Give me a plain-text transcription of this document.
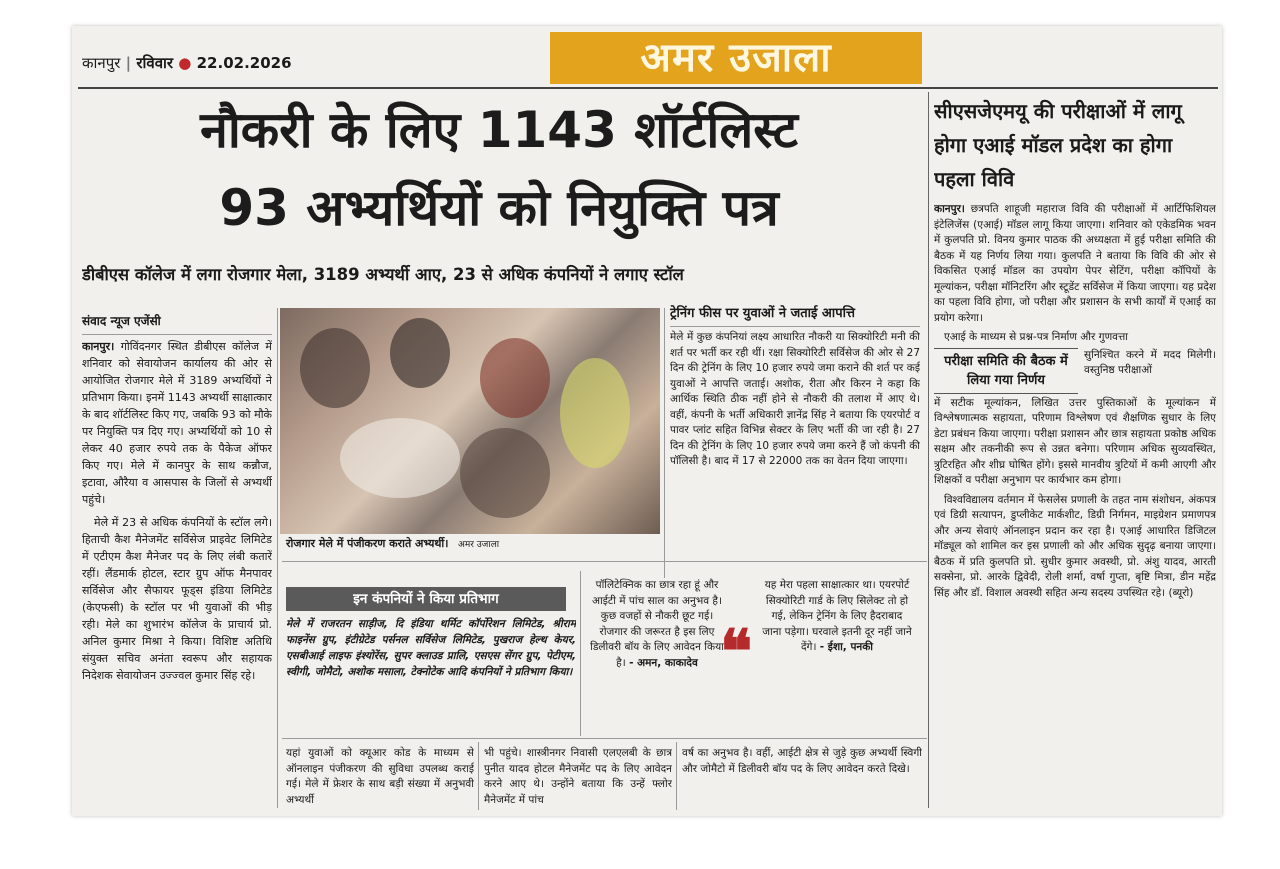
कानपुर | रविवार ● 22.02.2026	अमर उजाला
नौकरी के लिए 1143 शॉर्टलिस्ट
93 अभ्यर्थियों को नियुक्ति पत्र
डीबीएस कॉलेज में लगा रोजगार मेला, 3189 अभ्यर्थी आए, 23 से अधिक कंपनियों ने लगाए स्टॉल
संवाद न्यूज एजेंसी

कानपुर। गोविंदनगर स्थित डीबीएस कॉलेज में शनिवार को सेवायोजन कार्यालय की ओर से आयोजित रोजगार मेले में 3189 अभ्यर्थियों ने प्रतिभाग किया। इनमें 1143 अभ्यर्थी साक्षात्कार के बाद शॉर्टलिस्ट किए गए, जबकि 93 को मौके पर नियुक्ति पत्र दिए गए। अभ्यर्थियों को 10 से लेकर 40 हजार रुपये तक के पैकेज ऑफर किए गए। मेले में कानपुर के साथ कन्नौज, इटावा, औरैया व आसपास के जिलों से अभ्यर्थी पहुंचे।

मेले में 23 से अधिक कंपनियों के स्टॉल लगे। हिताची कैश मैनेजमेंट सर्विसेज प्राइवेट लिमिटेड में एटीएम कैश मैनेजर पद के लिए लंबी कतारें रहीं। लैंडमार्क होटल, स्टार ग्रुप ऑफ मैनपावर सर्विसेज और सैफायर फूड्स इंडिया लिमिटेड (केएफसी) के स्टॉल पर भी युवाओं की भीड़ रही। मेले का शुभारंभ कॉलेज के प्राचार्य प्रो. अनिल कुमार मिश्रा ने किया। विशिष्ट अतिथि संयुक्त सचिव अनंता स्वरूप और सहायक निदेशक सेवायोजन उज्ज्वल कुमार सिंह रहे।

रोजगार मेले में पंजीकरण कराते अभ्यर्थी। अमर उजाला
ट्रेनिंग फीस पर युवाओं ने जताई आपत्ति

मेले में कुछ कंपनियां लक्ष्य आधारित नौकरी या सिक्योरिटी मनी की शर्त पर भर्ती कर रही थीं। रक्षा सिक्योरिटी सर्विसेज की ओर से 27 दिन की ट्रेनिंग के लिए 10 हजार रुपये जमा कराने की शर्त पर कई युवाओं ने आपत्ति जताई। अशोक, रीता और किरन ने कहा कि आर्थिक स्थिति ठीक नहीं होने से नौकरी की तलाश में आए थे। वहीं, कंपनी के भर्ती अधिकारी ज्ञानेंद्र सिंह ने बताया कि एयरपोर्ट व पावर प्लांट सहित विभिन्न सेक्टर के लिए भर्ती की जा रही है। 27 दिन की ट्रेनिंग के लिए 10 हजार रुपये जमा करने हैं जो कंपनी की पॉलिसी है। बाद में 17 से 22000 तक का वेतन दिया जाएगा।

इन कंपनियों ने किया प्रतिभाग

मेले में राजरतन साड़ीज, दि इंडिया थर्मिट कॉर्पोरेशन लिमिटेड, श्रीराम फाइनेंस ग्रुप, इंटीग्रेटेड पर्सनल सर्विसेज लिमिटेड, पुखराज हेल्थ केयर, एसबीआई लाइफ इंश्योरेंस, सुपर क्लाउड प्रालि, एसएस सेंगर ग्रुप, पेटीएम, स्वीगी, जोमैटो, अशोक मसाला, टेक्नोटेक आदि कंपनियों ने प्रतिभाग किया।

पॉलिटेक्निक का छात्र रहा हूं और आईटी में पांच साल का अनुभव है। कुछ वजहों से नौकरी छूट गई। रोजगार की जरूरत है इस लिए डिलीवरी बॉय के लिए आवेदन किया है। - अमन, काकादेव ❝

यह मेरा पहला साक्षात्कार था। एयरपोर्ट सिक्योरिटी गार्ड के लिए सिलेक्ट तो हो गई, लेकिन ट्रेनिंग के लिए हैदराबाद जाना पड़ेगा। घरवाले इतनी दूर नहीं जाने देंगे। - ईशा, पनकी

यहां युवाओं को क्यूआर कोड के माध्यम से ऑनलाइन पंजीकरण की सुविधा उपलब्ध कराई गई। मेले में फ्रेशर के साथ बड़ी संख्या में अनुभवी अभ्यर्थी

भी पहुंचे। शास्त्रीनगर निवासी एलएलबी के छात्र पुनीत यादव होटल मैनेजमेंट पद के लिए आवेदन करने आए थे। उन्होंने बताया कि उन्हें फ्लोर मैनेजमेंट में पांच

वर्ष का अनुभव है। वहीं, आईटी क्षेत्र से जुड़े कुछ अभ्यर्थी स्विगी और जोमैटो में डिलीवरी बॉय पद के लिए आवेदन करते दिखे।

सीएसजेएमयू की परीक्षाओं में लागू होगा एआई मॉडल प्रदेश का होगा पहला विवि

कानपुर। छत्रपति शाहूजी महाराज विवि की परीक्षाओं में आर्टिफिशियल इंटेलिजेंस (एआई) मॉडल लागू किया जाएगा। शनिवार को एकेडमिक भवन में कुलपति प्रो. विनय कुमार पाठक की अध्यक्षता में हुई परीक्षा समिति की बैठक में यह निर्णय लिया गया। कुलपति ने बताया कि विवि की ओर से विकसित एआई मॉडल का उपयोग पेपर सेटिंग, परीक्षा कॉपियों के मूल्यांकन, परीक्षा मॉनिटरिंग और स्टूडेंट सर्विसेज में किया जाएगा। यह प्रदेश का पहला विवि होगा, जो परीक्षा और प्रशासन के सभी कार्यों में एआई का प्रयोग करेगा।

एआई के माध्यम से प्रश्न-पत्र निर्माण और गुणवत्ता

परीक्षा समिति की बैठक में लिया गया निर्णय

सुनिश्चित करने में मदद मिलेगी। वस्तुनिष्ठ परीक्षाओं

में सटीक मूल्यांकन, लिखित उत्तर पुस्तिकाओं के मूल्यांकन में विश्लेषणात्मक सहायता, परिणाम विश्लेषण एवं शैक्षणिक सुधार के लिए डेटा प्रबंधन किया जाएगा। परीक्षा प्रशासन और छात्र सहायता प्रकोष्ठ अधिक सक्षम और तकनीकी रूप से उन्नत बनेगा। परिणाम अधिक सुव्यवस्थित, त्रुटिरहित और शीघ्र घोषित होंगे। इससे मानवीय त्रुटियों में कमी आएगी और शिक्षकों व परीक्षा अनुभाग पर कार्यभार कम होगा।

विश्वविद्यालय वर्तमान में फेसलेस प्रणाली के तहत नाम संशोधन, अंकपत्र एवं डिग्री सत्यापन, डुप्लीकेट मार्कशीट, डिग्री निर्गमन, माइग्रेशन प्रमाणपत्र और अन्य सेवाएं ऑनलाइन प्रदान कर रहा है। एआई आधारित डिजिटल मॉड्यूल को शामिल कर इस प्रणाली को और अधिक सुदृढ़ बनाया जाएगा। बैठक में प्रति कुलपति प्रो. सुधीर कुमार अवस्थी, प्रो. अंशु यादव, आरती सक्सेना, प्रो. आरके द्विवेदी, रोली शर्मा, वर्षा गुप्ता, बृष्टि मित्रा, डीन महेंद्र सिंह और डॉ. विशाल अवस्थी सहित अन्य सदस्य उपस्थित रहे। (ब्यूरो)
